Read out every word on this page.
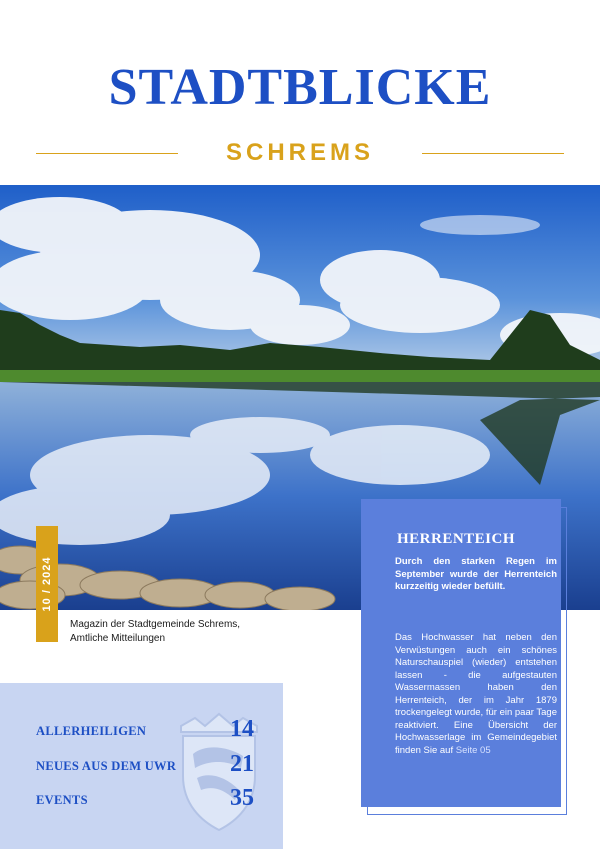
STADTBLICKE
SCHREMS
10 / 2024
Magazin der Stadtgemeinde Schrems,
Amtliche Mitteilungen
HERRENTEICH
Durch den starken Regen im September wurde der Herrenteich kurzzeitig wieder befüllt.
Das Hochwasser hat neben den Verwüstungen auch ein schönes Naturschauspiel (wieder) entstehen lassen - die aufgestauten Wassermassen haben den Herrenteich, der im Jahr 1879 trockengelegt wurde, für ein paar Tage reaktiviert. Eine Übersicht der Hochwasserlage im Gemeindegebiet finden Sie auf Seite 05
ALLERHEILIGEN	14
NEUES AUS DEM UWR 21
EVENTS	35
